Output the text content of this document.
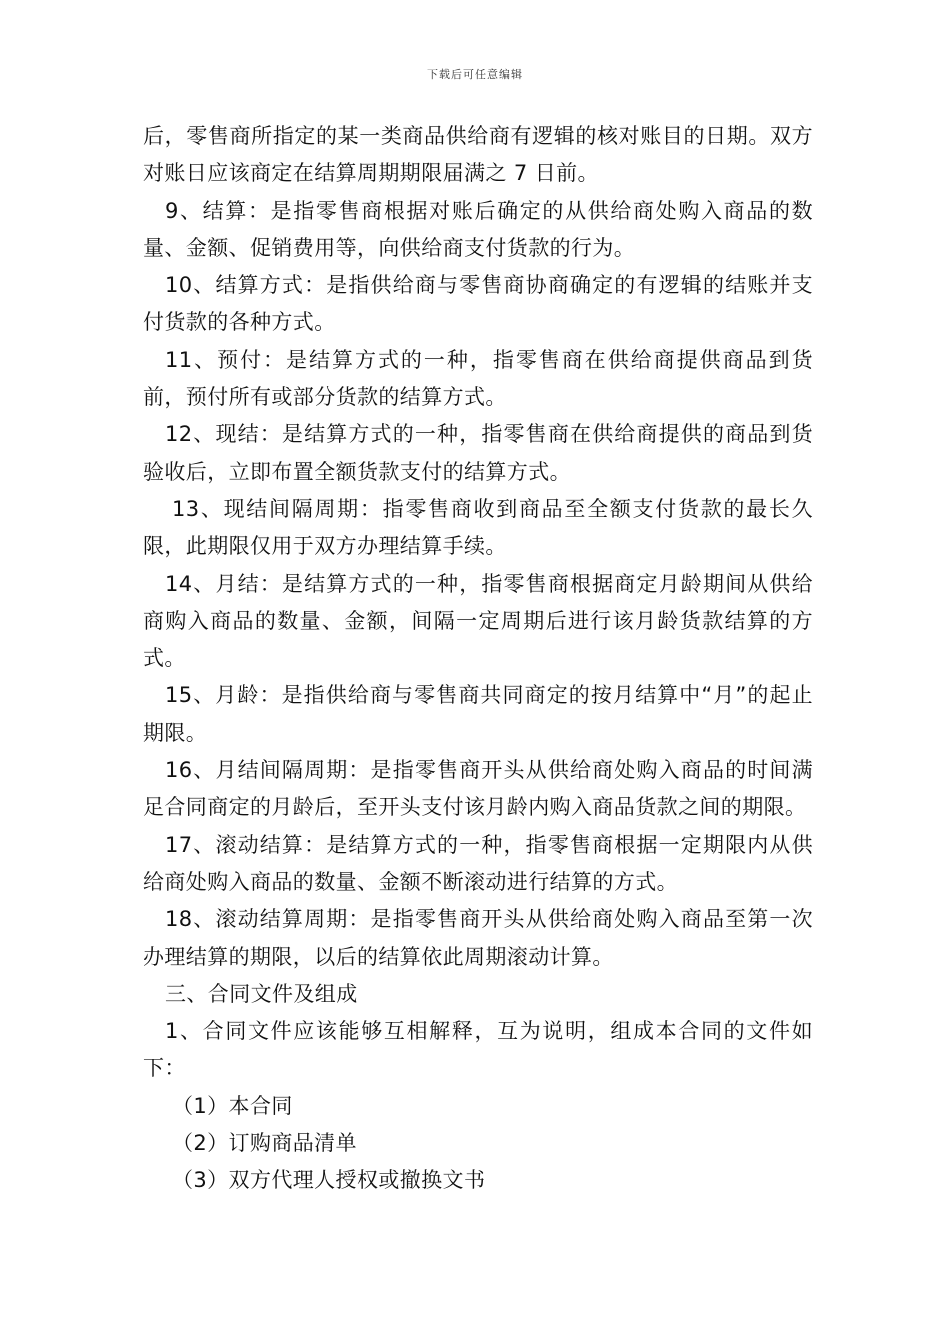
下载后可任意编辑

后，零售商所指定的某一类商品供给商有逻辑的核对账目的日期。双方对账日应该商定在结算周期期限届满之 7 日前。

9、结算：是指零售商根据对账后确定的从供给商处购入商品的数量、金额、促销费用等，向供给商支付货款的行为。

10、结算方式：是指供给商与零售商协商确定的有逻辑的结账并支付货款的各种方式。

11、预付：是结算方式的一种，指零售商在供给商提供商品到货前，预付所有或部分货款的结算方式。

12、现结：是结算方式的一种，指零售商在供给商提供的商品到货验收后，立即布置全额货款支付的结算方式。

13、现结间隔周期：指零售商收到商品至全额支付货款的最长久限，此期限仅用于双方办理结算手续。

14、月结：是结算方式的一种，指零售商根据商定月龄期间从供给商购入商品的数量、金额，间隔一定周期后进行该月龄货款结算的方式。

15、月龄：是指供给商与零售商共同商定的按月结算中“月”的起止期限。

16、月结间隔周期：是指零售商开头从供给商处购入商品的时间满足合同商定的月龄后，至开头支付该月龄内购入商品货款之间的期限。

17、滚动结算：是结算方式的一种，指零售商根据一定期限内从供给商处购入商品的数量、金额不断滚动进行结算的方式。

18、滚动结算周期：是指零售商开头从供给商处购入商品至第一次办理结算的期限，以后的结算依此周期滚动计算。

三、合同文件及组成

1、合同文件应该能够互相解释，互为说明，组成本合同的文件如下：

（1）本合同

（2）订购商品清单

（3）双方代理人授权或撤换文书
